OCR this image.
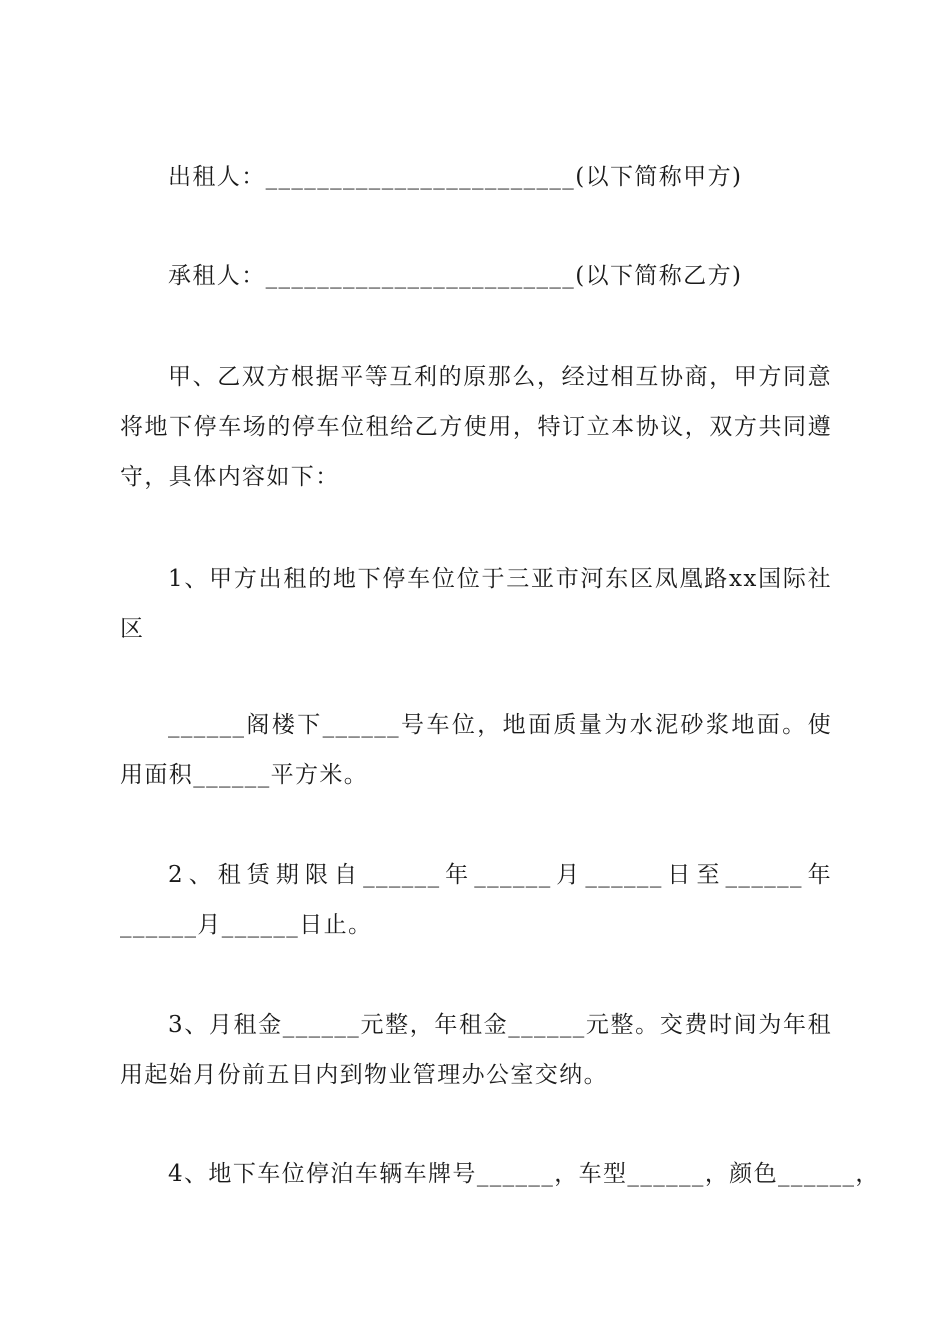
出租人：________________________(以下简称甲方)

承租人：________________________(以下简称乙方)

甲、乙双方根据平等互利的原那么，经过相互协商，甲方同意将地下停车场的停车位租给乙方使用，特订立本协议，双方共同遵守，具体内容如下：

1、甲方出租的地下停车位位于三亚市河东区凤凰路xx国际社区

______阁楼下______号车位，地面质量为水泥砂浆地面。使用面积______平方米。

2、租赁期限自______年______月______日至______年______月______日止。

3、月租金______元整，年租金______元整。交费时间为年租用起始月份前五日内到物业管理办公室交纳。

4、地下车位停泊车辆车牌号______，车型______，颜色______，
